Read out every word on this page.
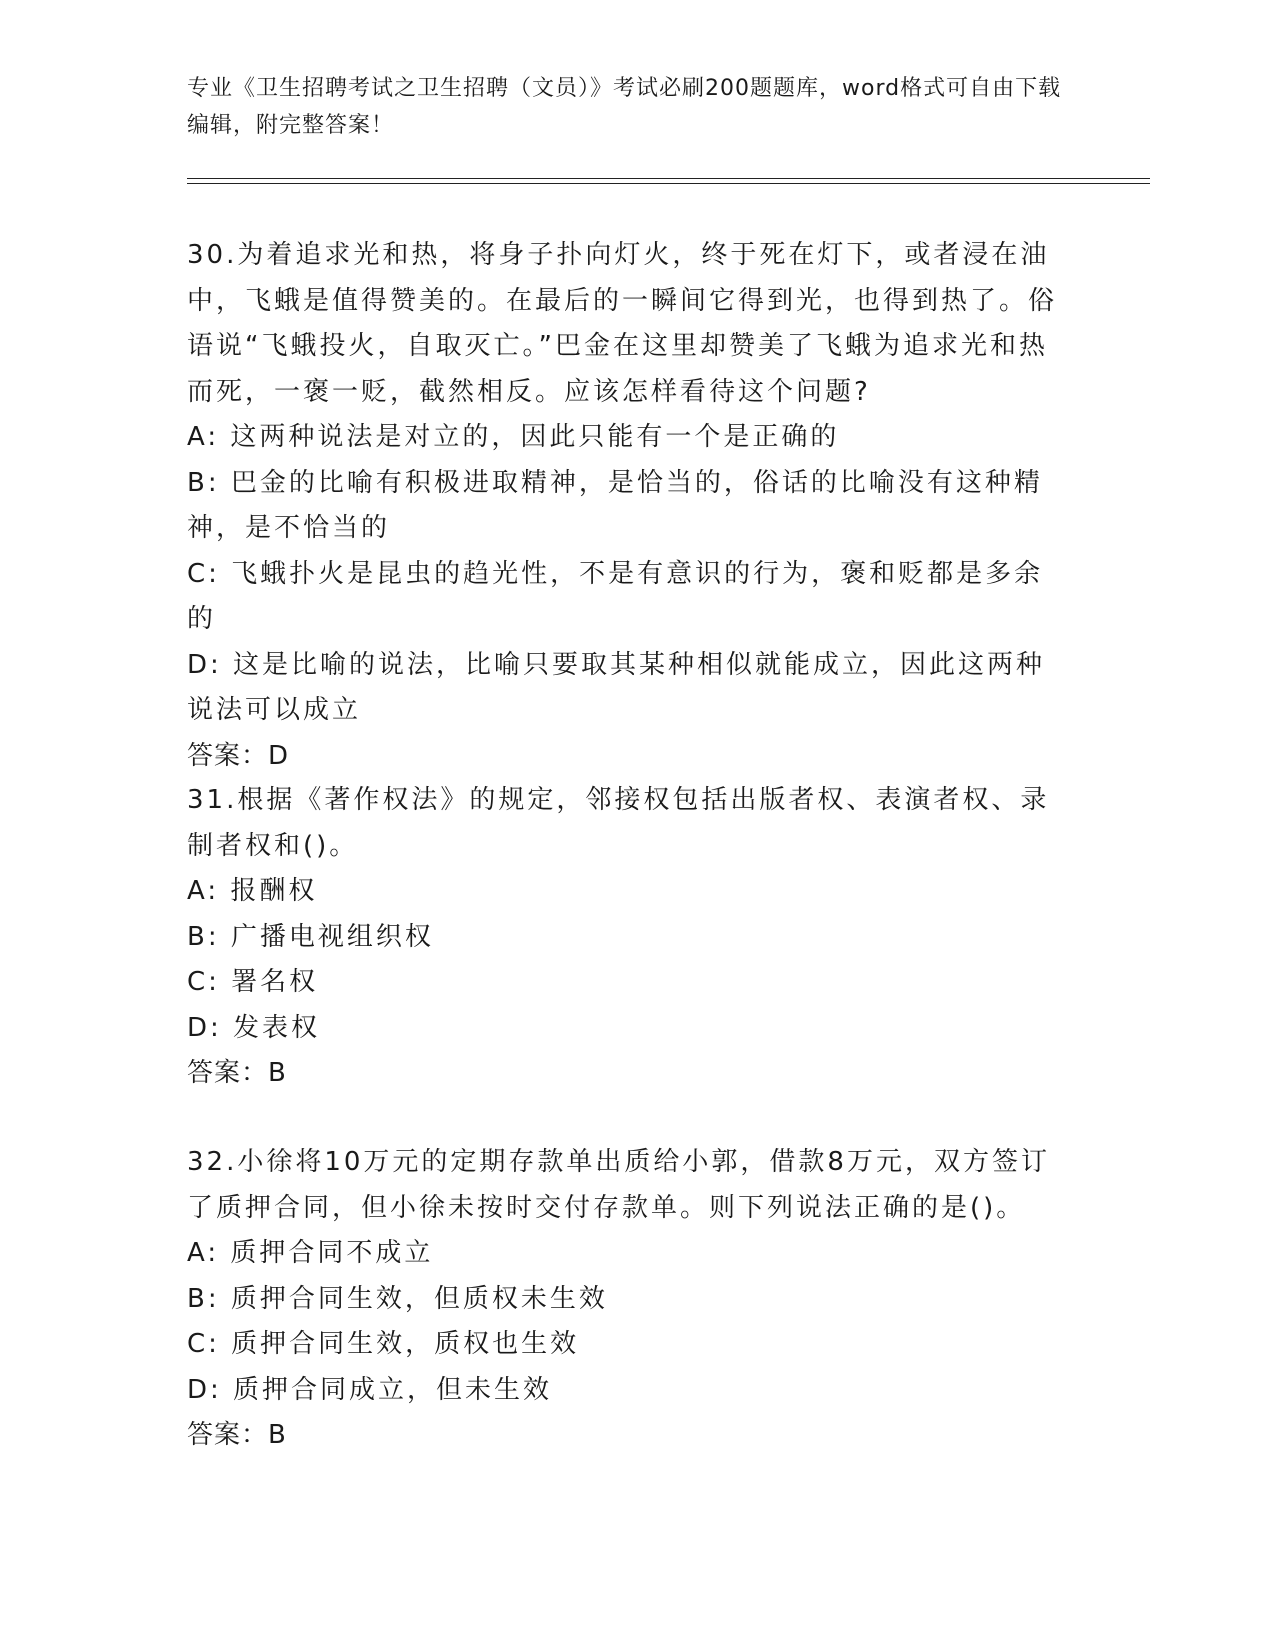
专业《卫生招聘考试之卫生招聘（文员）》考试必刷200题题库，word格式可自由下载编辑，附完整答案！

30.为着追求光和热，将身子扑向灯火，终于死在灯下，或者浸在油中，飞蛾是值得赞美的。在最后的一瞬间它得到光，也得到热了。俗语说“飞蛾投火，自取灭亡。”巴金在这里却赞美了飞蛾为追求光和热而死，一褒一贬，截然相反。应该怎样看待这个问题?

A: 这两种说法是对立的，因此只能有一个是正确的

B: 巴金的比喻有积极进取精神，是恰当的，俗话的比喻没有这种精神，是不恰当的

C: 飞蛾扑火是昆虫的趋光性，不是有意识的行为，褒和贬都是多余的

D: 这是比喻的说法，比喻只要取其某种相似就能成立，因此这两种说法可以成立

答案：D

31.根据《著作权法》的规定，邻接权包括出版者权、表演者权、录制者权和()。

A: 报酬权

B: 广播电视组织权

C: 署名权

D: 发表权

答案：B

32.小徐将10万元的定期存款单出质给小郭，借款8万元，双方签订了质押合同，但小徐未按时交付存款单。则下列说法正确的是()。

A: 质押合同不成立

B: 质押合同生效，但质权未生效

C: 质押合同生效，质权也生效

D: 质押合同成立，但未生效

答案：B
